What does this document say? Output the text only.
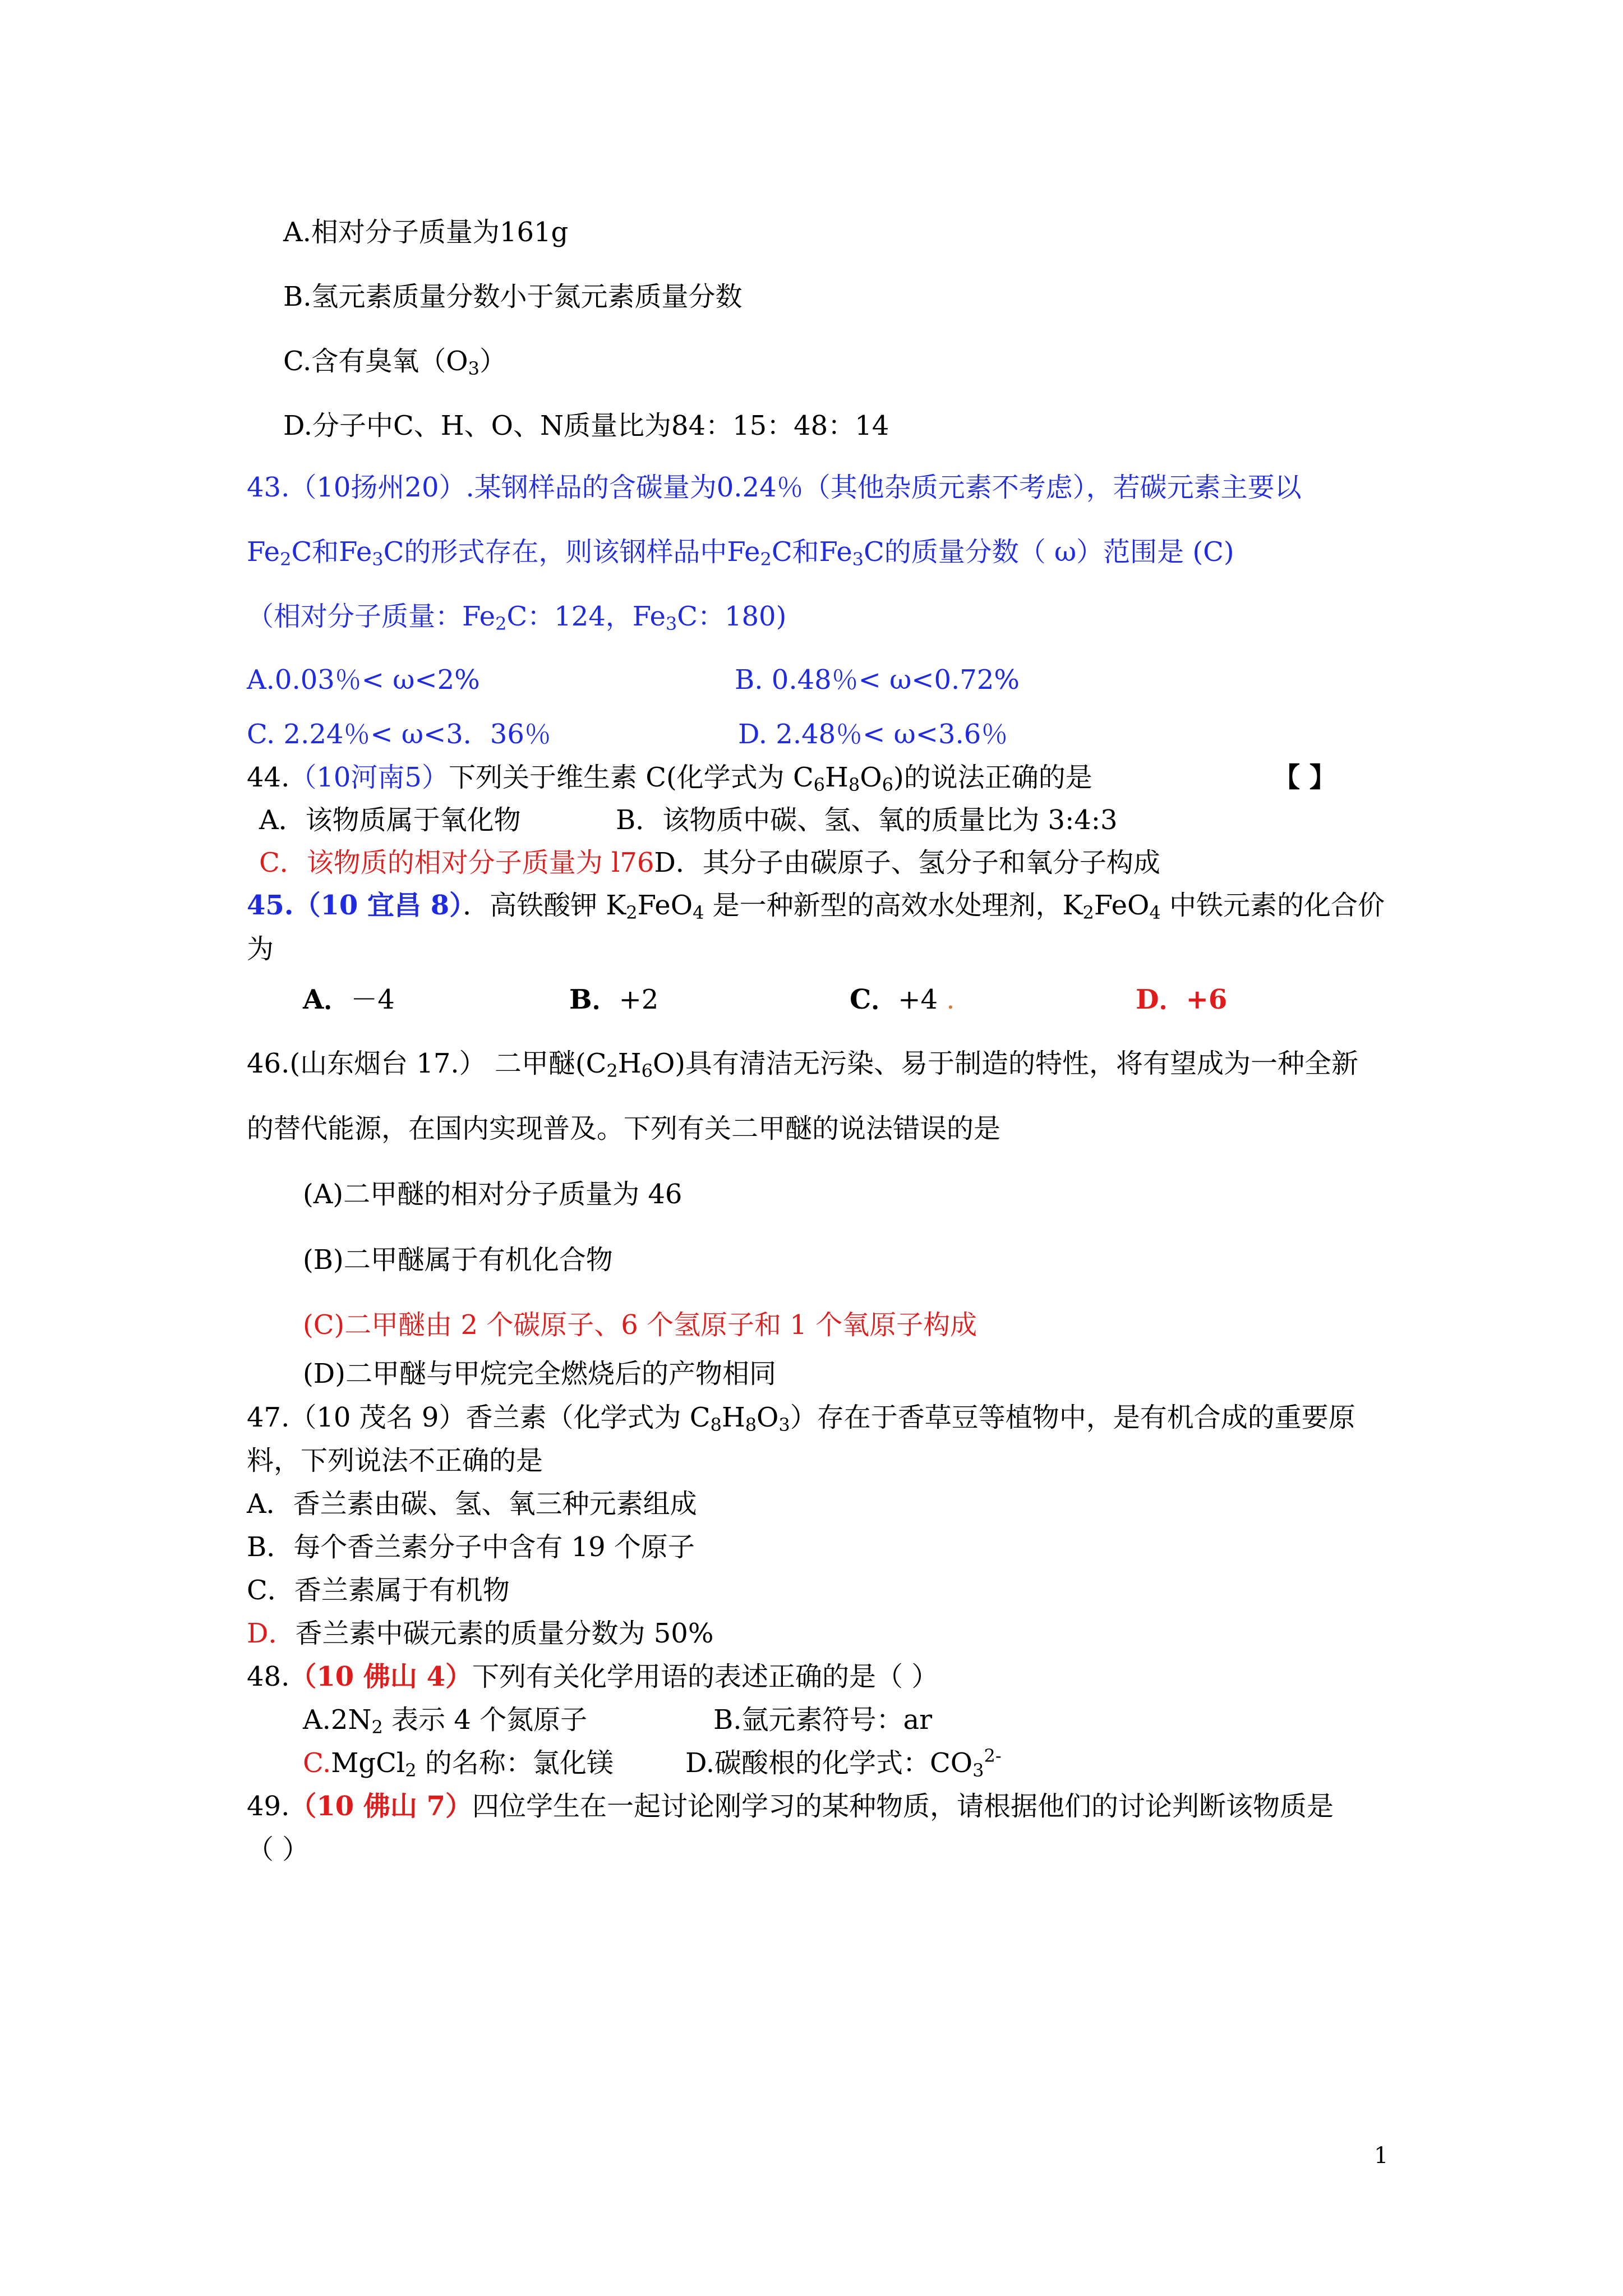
A.相对分子质量为161g
B.氢元素质量分数小于氮元素质量分数
C.含有臭氧$(O_3)$
D.分子中C、H、O、N质量比为84：15：48：14
43.（10扬州20）.某钢样品的含碳量为0.24％（其他杂质元素不考虑），若碳元素主要以
$Fe_2C$和$Fe_3C$的形式存在，则该钢样品中$Fe_2C$和$Fe_3C$的质量分数（ ω）范围是 (C)
（相对分子质量：$Fe_2C$：124，$Fe_3C$：180)
A.0.03％< ω<2%	B. 0.48％< ω<0.72%
C. 2.24％< ω<3．36％	D. 2.48％< ω<3.6％
44.（10河南5）下列关于维生素 C(化学式为 $C_6H_8O_6$)的说法正确的是	【 】
A．该物质属于氧化物	B．该物质中碳、氢、氧的质量比为 3:4:3
C．该物质的相对分子质量为 l76D．其分子由碳原子、氢分子和氧分子构成
45.（10 宜昌 8）．高铁酸钾 $K_2FeO_4$ 是一种新型的高效水处理剂，$K_2FeO_4$ 中铁元素的化合价
为
A．－4	B．+2	C．+4 .	D．+6
46.(山东烟台 17.） 二甲醚$(C_2H_6O)$具有清洁无污染、易于制造的特性，将有望成为一种全新
的替代能源，在国内实现普及。下列有关二甲醚的说法错误的是
(A)二甲醚的相对分子质量为 46
(B)二甲醚属于有机化合物
(C)二甲醚由 2 个碳原子、6 个氢原子和 1 个氧原子构成
(D)二甲醚与甲烷完全燃烧后的产物相同
47.（10 茂名 9）香兰素（化学式为 $C_8H_8O_3$）存在于香草豆等植物中，是有机合成的重要原
料，下列说法不正确的是
A．香兰素由碳、氢、氧三种元素组成
B．每个香兰素分子中含有 19 个原子
C．香兰素属于有机物
D．香兰素中碳元素的质量分数为 50%
48.（10 佛山 4）下列有关化学用语的表述正确的是（ ）
$A.2N_2$ 表示 4 个氮原子	B.氩元素符号：ar
C.MgCl$_2$ 的名称：氯化镁	D.碳酸根的化学式：$CO_3^{2-}$
49.（10 佛山 7）四位学生在一起讨论刚学习的某种物质，请根据他们的讨论判断该物质是
（ ）
1
